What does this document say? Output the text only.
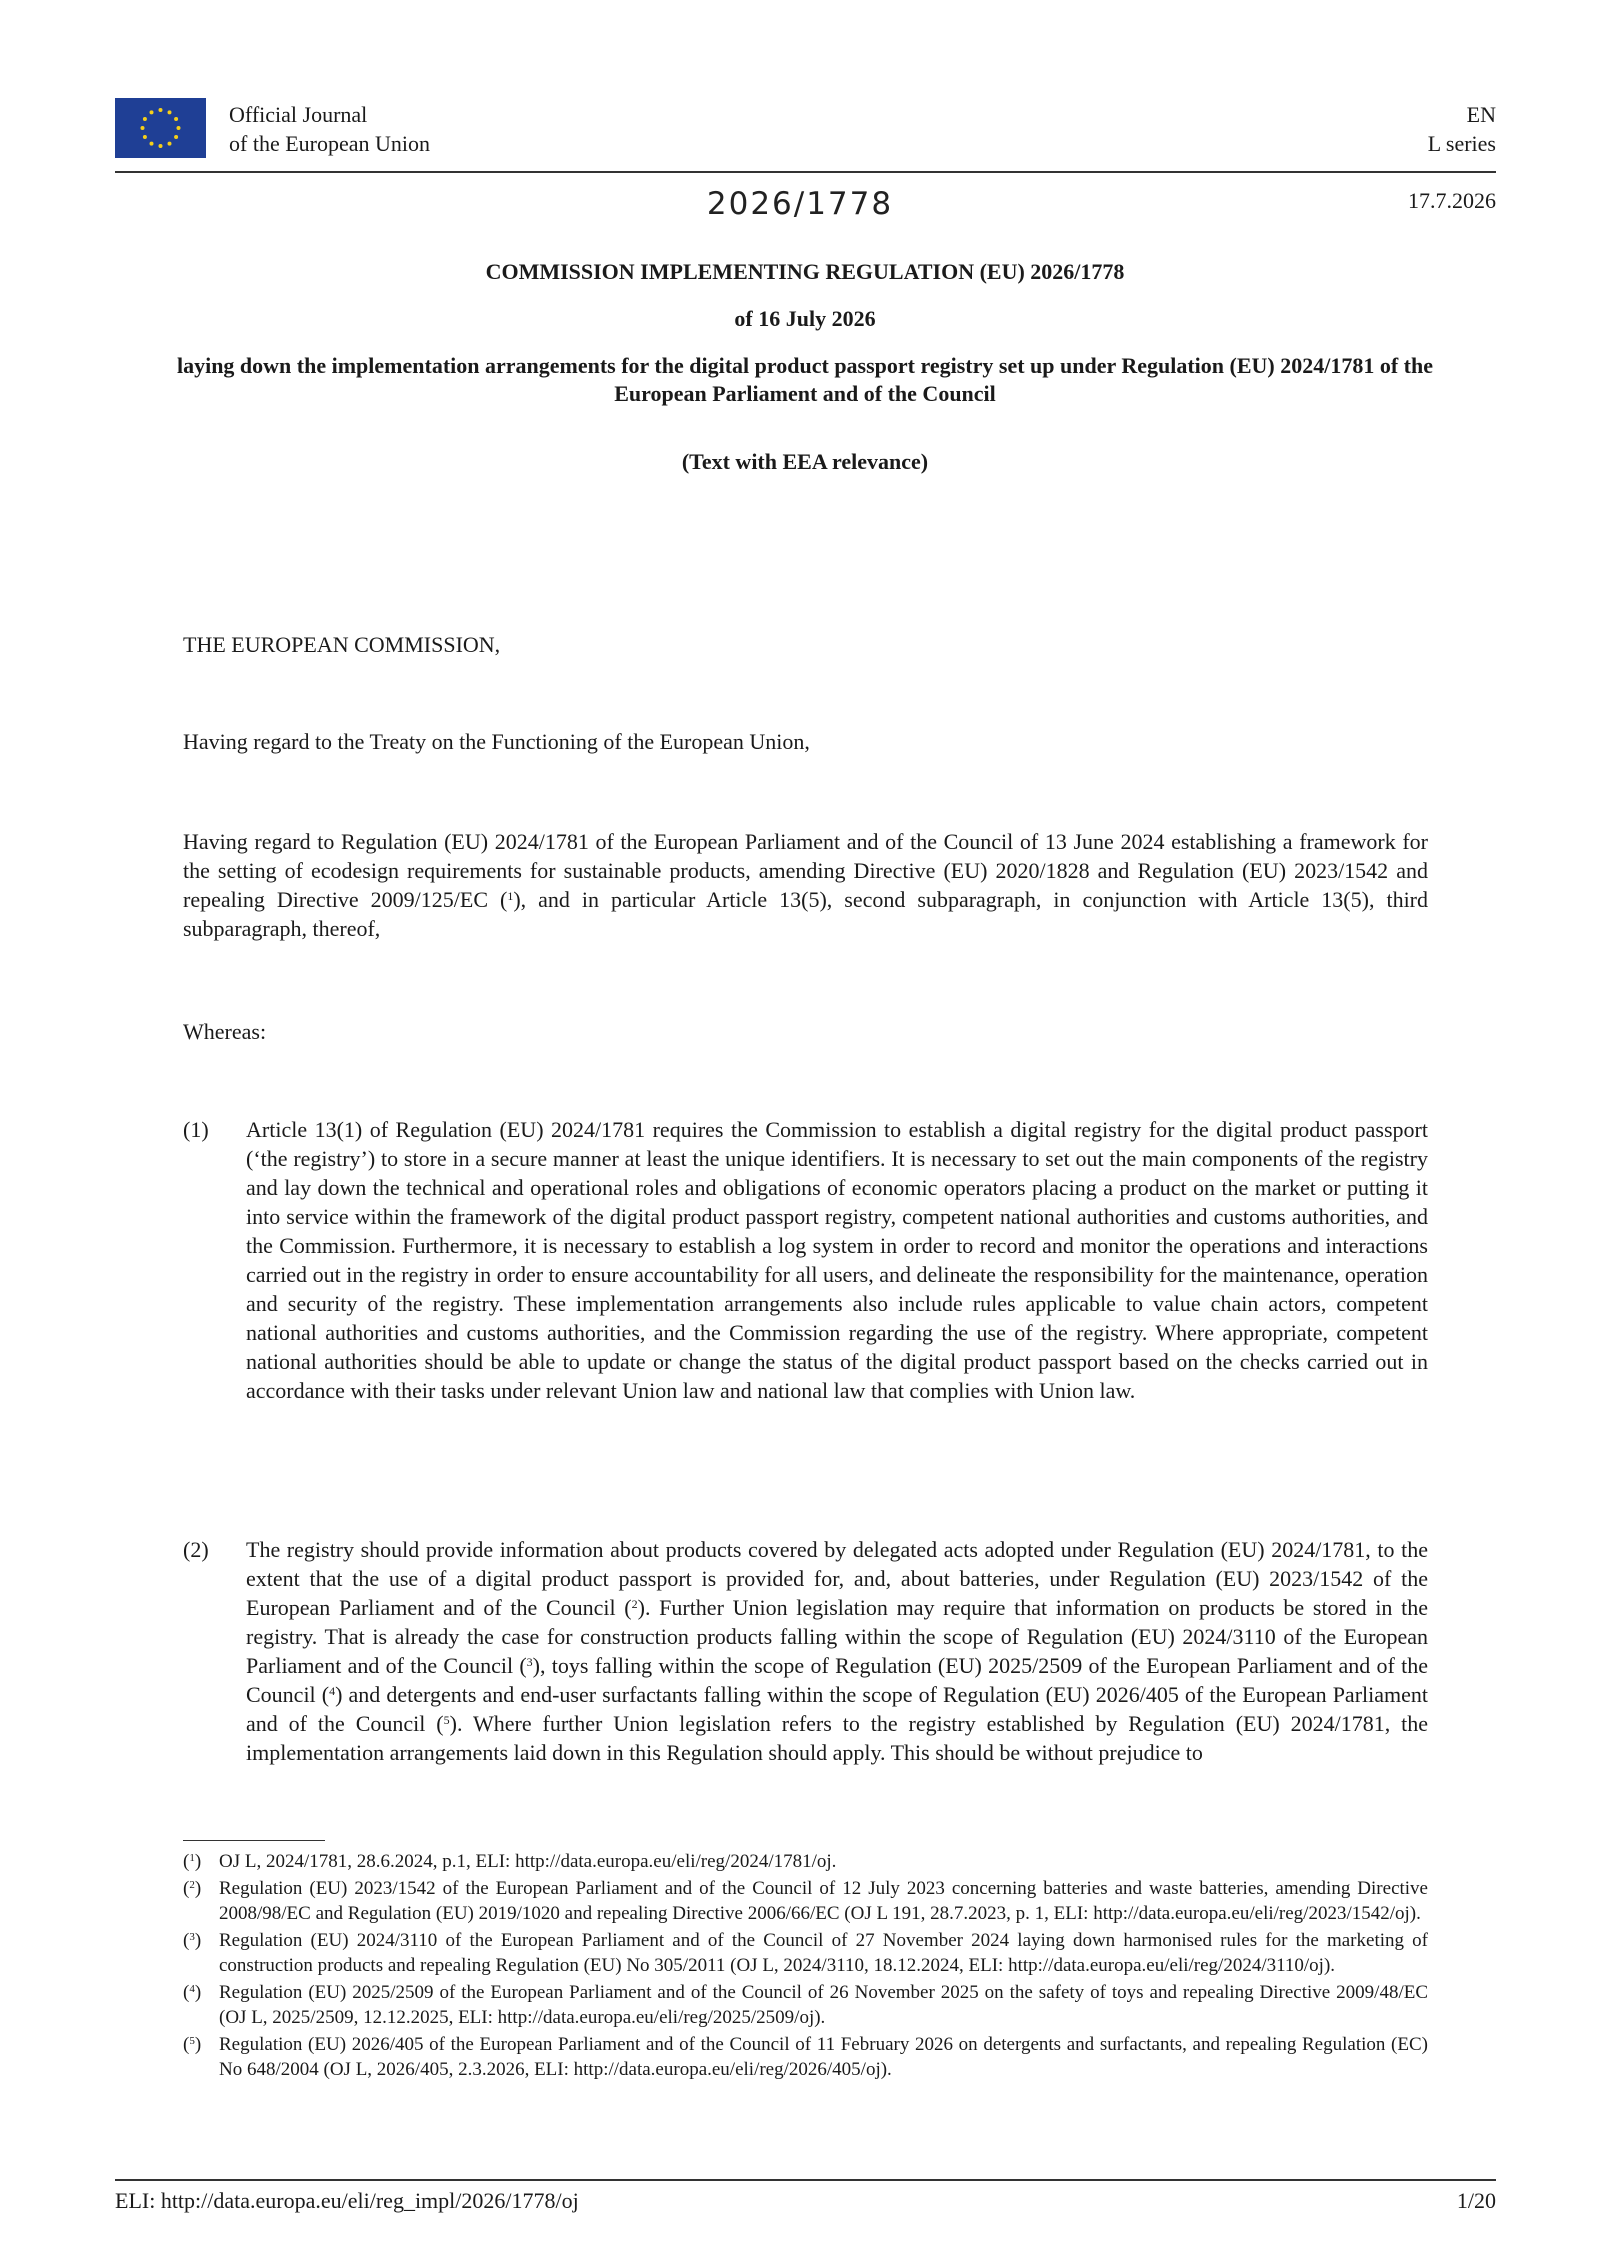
Official Journal
of the European Union
EN
L series
2026/1778	17.7.2026
COMMISSION IMPLEMENTING REGULATION (EU) 2026/1778
of 16 July 2026
laying down the implementation arrangements for the digital product passport registry set up under Regulation (EU) 2024/1781 of the European Parliament and of the Council
(Text with EEA relevance)
THE EUROPEAN COMMISSION,
Having regard to the Treaty on the Functioning of the European Union,
Having regard to Regulation (EU) 2024/1781 of the European Parliament and of the Council of 13 June 2024 establishing a framework for the setting of ecodesign requirements for sustainable products, amending Directive (EU) 2020/1828 and Regulation (EU) 2023/1542 and repealing Directive 2009/125/EC ($^1$), and in particular Article 13(5), second subparagraph, in conjunction with Article 13(5), third subparagraph, thereof,
Whereas:
(1) Article 13(1) of Regulation (EU) 2024/1781 requires the Commission to establish a digital registry for the digital product passport (‘the registry’) to store in a secure manner at least the unique identifiers. It is necessary to set out the main components of the registry and lay down the technical and operational roles and obligations of economic operators placing a product on the market or putting it into service within the framework of the digital product passport registry, competent national authorities and customs authorities, and the Commission. Furthermore, it is necessary to establish a log system in order to record and monitor the operations and interactions carried out in the registry in order to ensure accountability for all users, and delineate the responsibility for the maintenance, operation and security of the registry. These implementation arrangements also include rules applicable to value chain actors, competent national authorities and customs authorities, and the Commission regarding the use of the registry. Where appropriate, competent national authorities should be able to update or change the status of the digital product passport based on the checks carried out in accordance with their tasks under relevant Union law and national law that complies with Union law.
(2) The registry should provide information about products covered by delegated acts adopted under Regulation (EU) 2024/1781, to the extent that the use of a digital product passport is provided for, and, about batteries, under Regulation (EU) 2023/1542 of the European Parliament and of the Council ($^2$). Further Union legislation may require that information on products be stored in the registry. That is already the case for construction products falling within the scope of Regulation (EU) 2024/3110 of the European Parliament and of the Council ($^3$), toys falling within the scope of Regulation (EU) 2025/2509 of the European Parliament and of the Council ($^4$) and detergents and end-user surfactants falling within the scope of Regulation (EU) 2026/405 of the European Parliament and of the Council ($^5$). Where further Union legislation refers to the registry established by Regulation (EU) 2024/1781, the implementation arrangements laid down in this Regulation should apply. This should be without prejudice to
($^1$) OJ L, 2024/1781, 28.6.2024, p.1, ELI: http://data.europa.eu/eli/reg/2024/1781/oj.
($^2$) Regulation (EU) 2023/1542 of the European Parliament and of the Council of 12 July 2023 concerning batteries and waste batteries, amending Directive 2008/98/EC and Regulation (EU) 2019/1020 and repealing Directive 2006/66/EC (OJ L 191, 28.7.2023, p. 1, ELI: http://data.europa.eu/eli/reg/2023/1542/oj).
($^3$) Regulation (EU) 2024/3110 of the European Parliament and of the Council of 27 November 2024 laying down harmonised rules for the marketing of construction products and repealing Regulation (EU) No 305/2011 (OJ L, 2024/3110, 18.12.2024, ELI: http://data.europa.eu/eli/reg/2024/3110/oj).
($^4$) Regulation (EU) 2025/2509 of the European Parliament and of the Council of 26 November 2025 on the safety of toys and repealing Directive 2009/48/EC (OJ L, 2025/2509, 12.12.2025, ELI: http://data.europa.eu/eli/reg/2025/2509/oj).
($^5$) Regulation (EU) 2026/405 of the European Parliament and of the Council of 11 February 2026 on detergents and surfactants, and repealing Regulation (EC) No 648/2004 (OJ L, 2026/405, 2.3.2026, ELI: http://data.europa.eu/eli/reg/2026/405/oj).
ELI: http://data.europa.eu/eli/reg_impl/2026/1778/oj	1/20
